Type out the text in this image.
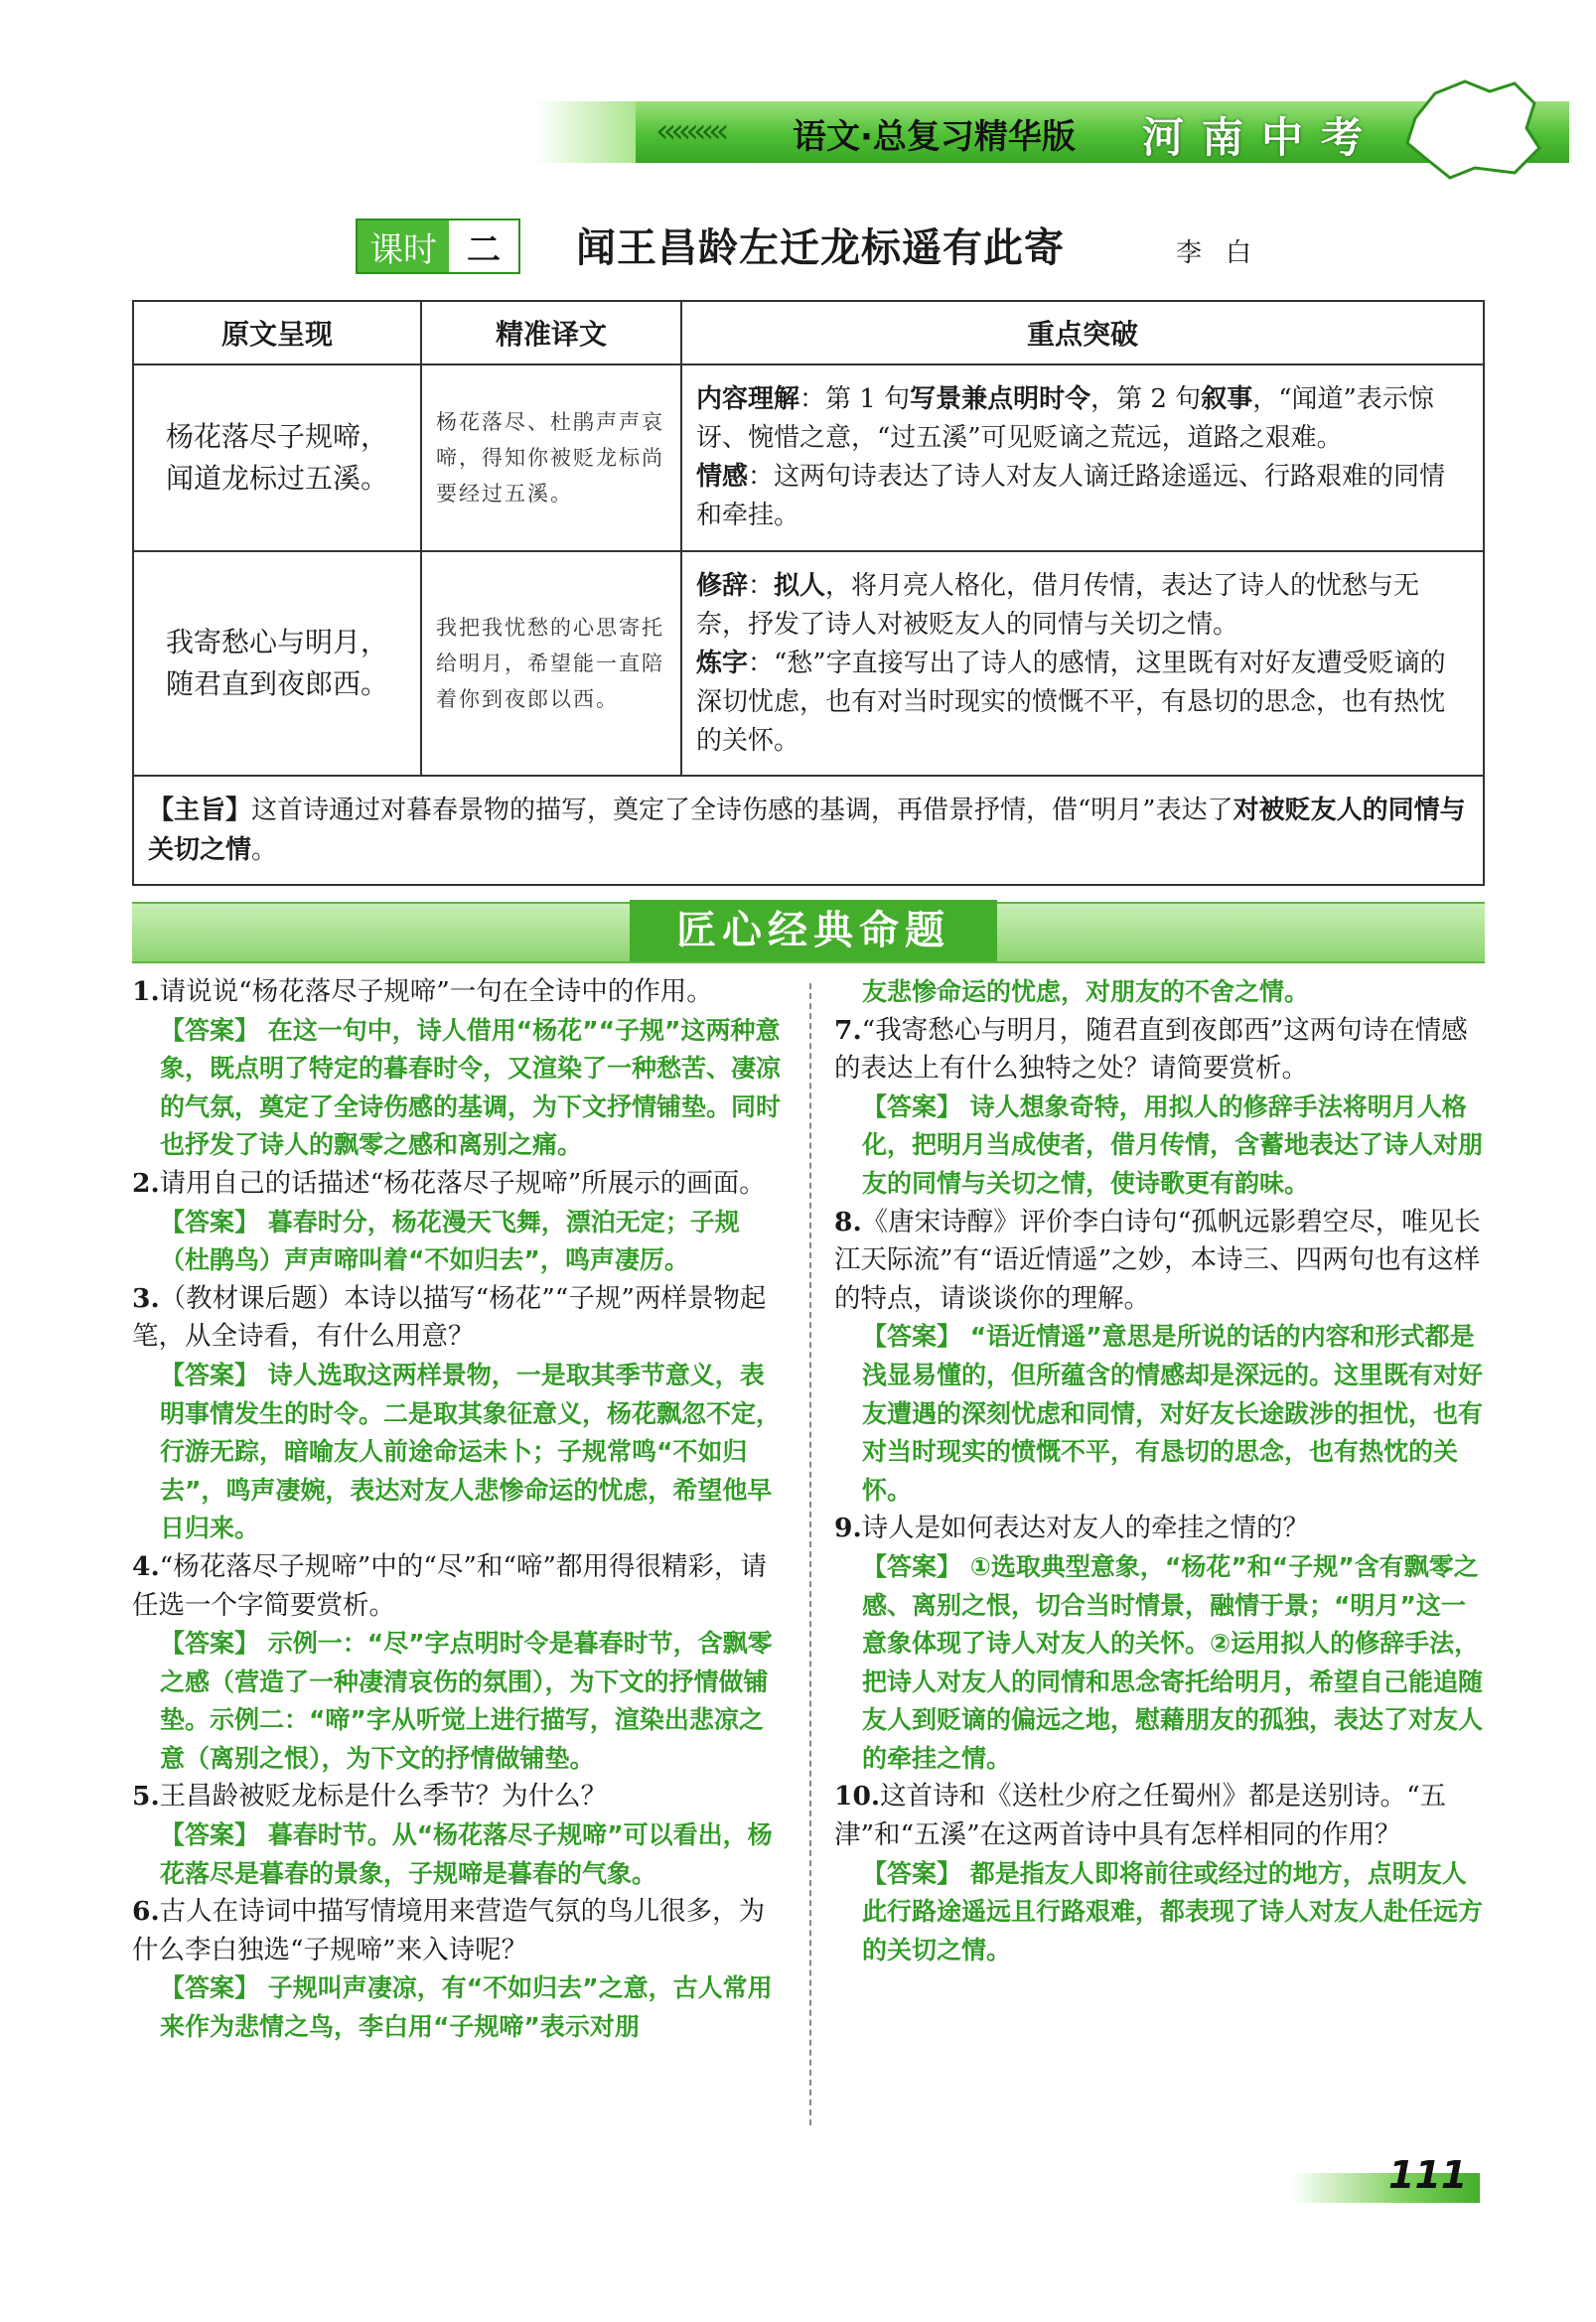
‹‹‹‹‹‹‹‹‹ 语文·总复习精华版 河南中考
课时 二	闻王昌龄左迁龙标遥有此寄	李白
原文呈现	精准译文	重点突破
杨花落尽子规啼，闻道龙标过五溪。	杨花落尽、杜鹃声声哀啼，得知你被贬龙标尚要经过五溪。	内容理解：第 1 句写景兼点明时令，第 2 句叙事，“闻道”表示惊讶、惋惜之意，“过五溪”可见贬谪之荒远，道路之艰难。
情感：这两句诗表达了诗人对友人谪迁路途遥远、行路艰难的同情和牵挂。

我寄愁心与明月，随君直到夜郎西。	我把我忧愁的心思寄托给明月，希望能一直陪着你到夜郎以西。	修辞：拟人，将月亮人格化，借月传情，表达了诗人的忧愁与无奈，抒发了诗人对被贬友人的同情与关切之情。
炼字：“愁”字直接写出了诗人的感情，这里既有对好友遭受贬谪的深切忧虑，也有对当时现实的愤慨不平，有恳切的思念，也有热忱的关怀。

【主旨】这首诗通过对暮春景物的描写，奠定了全诗伤感的基调，再借景抒情，借“明月”表达了对被贬友人的同情与关切之情。		
匠心经典命题

1.请说说“杨花落尽子规啼”一句在全诗中的作用。

【答案】 在这一句中，诗人借用“杨花”“子规”这两种意象，既点明了特定的暮春时令，又渲染了一种愁苦、凄凉的气氛，奠定了全诗伤感的基调，为下文抒情铺垫。同时也抒发了诗人的飘零之感和离别之痛。

2.请用自己的话描述“杨花落尽子规啼”所展示的画面。

【答案】 暮春时分，杨花漫天飞舞，漂泊无定；子规（杜鹃鸟）声声啼叫着“不如归去”，鸣声凄厉。

3.（教材课后题）本诗以描写“杨花”“子规”两样景物起笔，从全诗看，有什么用意？

【答案】 诗人选取这两样景物，一是取其季节意义，表明事情发生的时令。二是取其象征意义，杨花飘忽不定，行游无踪，暗喻友人前途命运未卜；子规常鸣“不如归去”，鸣声凄婉，表达对友人悲惨命运的忧虑，希望他早日归来。

4.“杨花落尽子规啼”中的“尽”和“啼”都用得很精彩，请任选一个字简要赏析。

【答案】 示例一：“尽”字点明时令是暮春时节，含飘零之感（营造了一种凄清哀伤的氛围），为下文的抒情做铺垫。示例二：“啼”字从听觉上进行描写，渲染出悲凉之意（离别之恨），为下文的抒情做铺垫。

5.王昌龄被贬龙标是什么季节？为什么？

【答案】 暮春时节。从“杨花落尽子规啼”可以看出，杨花落尽是暮春的景象，子规啼是暮春的气象。

6.古人在诗词中描写情境用来营造气氛的鸟儿很多，为什么李白独选“子规啼”来入诗呢？

【答案】 子规叫声凄凉，有“不如归去”之意，古人常用来作为悲情之鸟，李白用“子规啼”表示对朋

友悲惨命运的忧虑，对朋友的不舍之情。

7.“我寄愁心与明月，随君直到夜郎西”这两句诗在情感的表达上有什么独特之处？请简要赏析。

【答案】 诗人想象奇特，用拟人的修辞手法将明月人格化，把明月当成使者，借月传情，含蓄地表达了诗人对朋友的同情与关切之情，使诗歌更有韵味。

8.《唐宋诗醇》评价李白诗句“孤帆远影碧空尽，唯见长江天际流”有“语近情遥”之妙，本诗三、四两句也有这样的特点，请谈谈你的理解。

【答案】 “语近情遥”意思是所说的话的内容和形式都是浅显易懂的，但所蕴含的情感却是深远的。这里既有对好友遭遇的深刻忧虑和同情，对好友长途跋涉的担忧，也有对当时现实的愤慨不平，有恳切的思念，也有热忱的关怀。

9.诗人是如何表达对友人的牵挂之情的？

【答案】 ①选取典型意象，“杨花”和“子规”含有飘零之感、离别之恨，切合当时情景，融情于景；“明月”这一意象体现了诗人对友人的关怀。②运用拟人的修辞手法，把诗人对友人的同情和思念寄托给明月，希望自己能追随友人到贬谪的偏远之地，慰藉朋友的孤独，表达了对友人的牵挂之情。

10.这首诗和《送杜少府之任蜀州》都是送别诗。“五津”和“五溪”在这两首诗中具有怎样相同的作用？

【答案】 都是指友人即将前往或经过的地方，点明友人此行路途遥远且行路艰难，都表现了诗人对友人赴任远方的关切之情。

111
